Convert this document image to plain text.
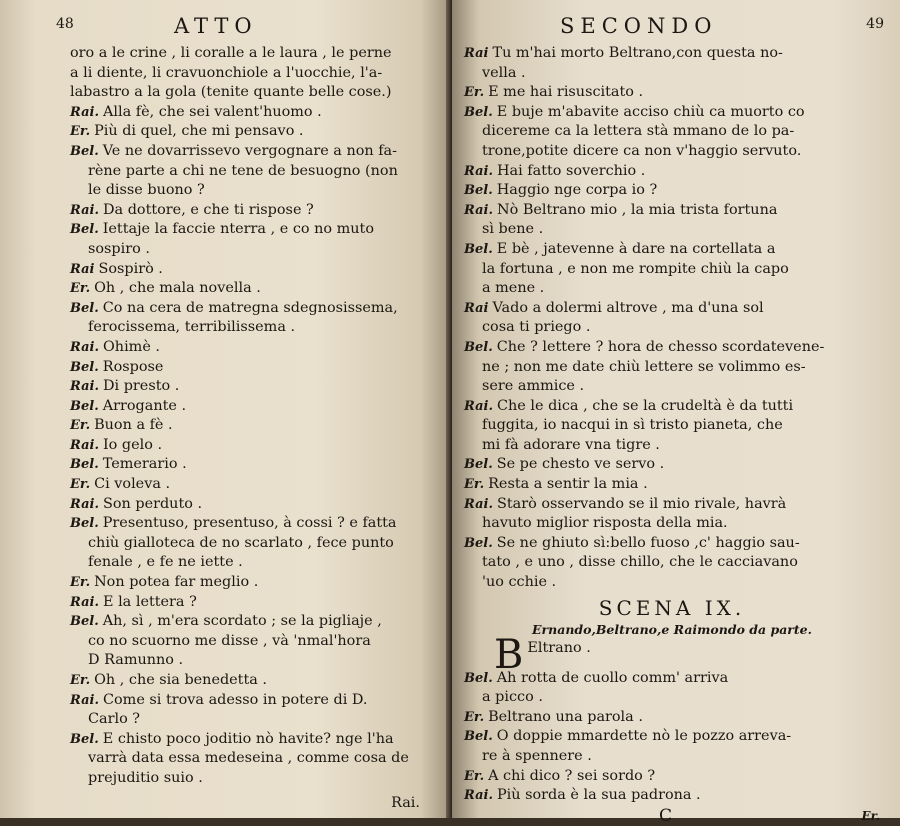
48	ATTO
oro a le crine , li coralle a le laura , le perne
a li diente, li cravuonchiole a l'uocchie, l'a-
labastro a la gola (tenite quante belle cose.)
Rai. Alla fè, che sei valent'huomo .
Er. Più di quel, che mi pensavo .
Bel. Ve ne dovarrissevo vergognare a non fa-
rène parte a chi ne tene de besuogno (non
le disse buono ?
Rai. Da dottore, e che ti rispose ?
Bel. Iettaje la faccie nterra , e co no muto
sospiro .
Rai Sospirò .
Er. Oh , che mala novella .
Bel. Co na cera de matregna sdegnosissema,
ferocissema, terribilissema .
Rai. Ohimè .
Bel. Rospose
Rai. Di presto .
Bel. Arrogante .
Er. Buon a fè .
Rai. Io gelo .
Bel. Temerario .
Er. Ci voleva .
Rai. Son perduto .
Bel. Presentuso, presentuso, à cossi ? e fatta
chiù gialloteca de no scarlato , fece punto
fenale , e fe ne iette .
Er. Non potea far meglio .
Rai. E la lettera ?
Bel. Ah, sì , m'era scordato ; se la pigliaje ,
co no scuorno me disse , và 'nmal'hora
D Ramunno .
Er. Oh , che sia benedetta .
Rai. Come si trova adesso in potere di D.
Carlo ?
Bel. E chisto poco joditio nò havite? nge l'ha
varrà data essa medeseina , comme cosa de
prejuditio suio .
Rai.
SECONDO	49
Rai Tu m'hai morto Beltrano,con questa no-
vella .
Er. E me hai risuscitato .
Bel. E buje m'abavite acciso chiù ca muorto co
diceremе ca la lettera stà mmano de lo pa-
trone,potite dicere ca non v'haggio servuto.
Rai. Hai fatto soverchio .
Bel. Haggio nge corpa io ?
Rai. Nò Beltrano mio , la mia trista fortuna
sì bene .
Bel. E bè , jatevenne à dare na cortellata a
la fortuna , e non me rompite chiù la capo
a mene .
Rai Vado a dolermi altrove , ma d'una sol
cosa ti priego .
Bel. Che ? lettere ? hora de chesso scordatevene-
ne ; non me date chiù lettere se volimmo es-
sere ammice .
Rai. Che le dica , che se la crudeltà è da tutti
fuggita, io nacqui in sì tristo pianeta, che
mi fà adorare vna tigre .
Bel. Se pe chesto ve servo .
Er. Resta a sentir la mia .
Rai. Starò osservando se il mio rivale, havrà
havuto miglior risposta della mia.
Bel. Se ne ghiuto sì:bello fuoso ,c' haggio sau-
tato , e uno , disse chillo, che le cacciavano
'uo cchie .
SCENA IX.
Ernando,Beltrano,e Raimondo da parte.
B Eltrano .
Bel. Ah rotta de cuollo comm' arriva
a picco .
Er. Beltrano una parola .
Bel. O doppie mmardette nò le pozzo arreva-
re à spennere .
Er. A chi dico ? sei sordo ?
Rai. Più sorda è la sua padrona .
C	Er.
